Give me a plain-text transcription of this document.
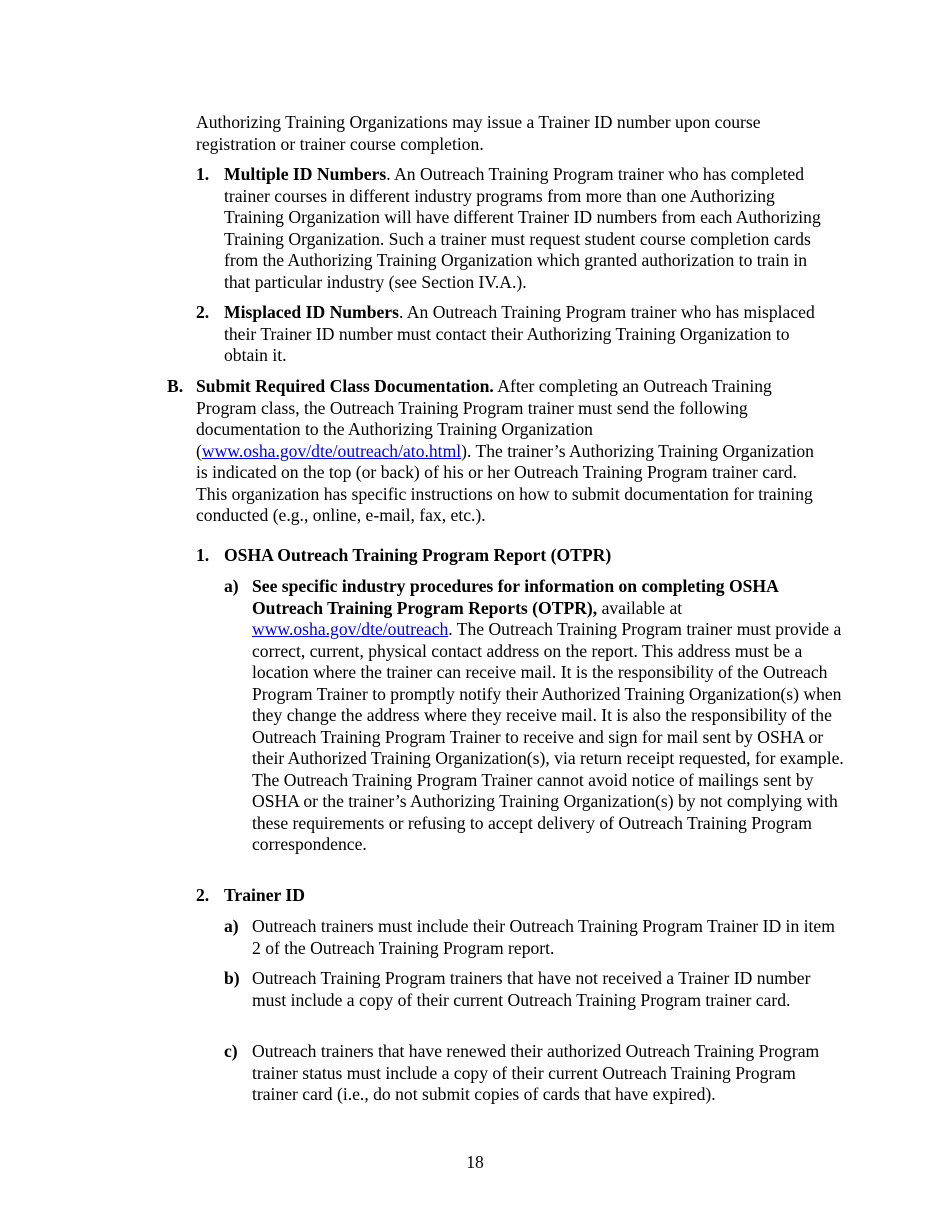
Authorizing Training Organizations may issue a Trainer ID number upon course registration or trainer course completion.
1. Multiple ID Numbers. An Outreach Training Program trainer who has completed trainer courses in different industry programs from more than one Authorizing Training Organization will have different Trainer ID numbers from each Authorizing Training Organization. Such a trainer must request student course completion cards from the Authorizing Training Organization which granted authorization to train in that particular industry (see Section IV.A.).
2. Misplaced ID Numbers. An Outreach Training Program trainer who has misplaced their Trainer ID number must contact their Authorizing Training Organization to obtain it.
B. Submit Required Class Documentation. After completing an Outreach Training Program class, the Outreach Training Program trainer must send the following documentation to the Authorizing Training Organization (www.osha.gov/dte/outreach/ato.html). The trainer’s Authorizing Training Organization is indicated on the top (or back) of his or her Outreach Training Program trainer card. This organization has specific instructions on how to submit documentation for training conducted (e.g., online, e-mail, fax, etc.).
1. OSHA Outreach Training Program Report (OTPR)
a) See specific industry procedures for information on completing OSHA Outreach Training Program Reports (OTPR), available at www.osha.gov/dte/outreach. The Outreach Training Program trainer must provide a correct, current, physical contact address on the report. This address must be a location where the trainer can receive mail. It is the responsibility of the Outreach Program Trainer to promptly notify their Authorized Training Organization(s) when they change the address where they receive mail. It is also the responsibility of the Outreach Training Program Trainer to receive and sign for mail sent by OSHA or their Authorized Training Organization(s), via return receipt requested, for example. The Outreach Training Program Trainer cannot avoid notice of mailings sent by OSHA or the trainer’s Authorizing Training Organization(s) by not complying with these requirements or refusing to accept delivery of Outreach Training Program correspondence.
2. Trainer ID
a) Outreach trainers must include their Outreach Training Program Trainer ID in item 2 of the Outreach Training Program report.
b) Outreach Training Program trainers that have not received a Trainer ID number must include a copy of their current Outreach Training Program trainer card.
c) Outreach trainers that have renewed their authorized Outreach Training Program trainer status must include a copy of their current Outreach Training Program trainer card (i.e., do not submit copies of cards that have expired).
18
